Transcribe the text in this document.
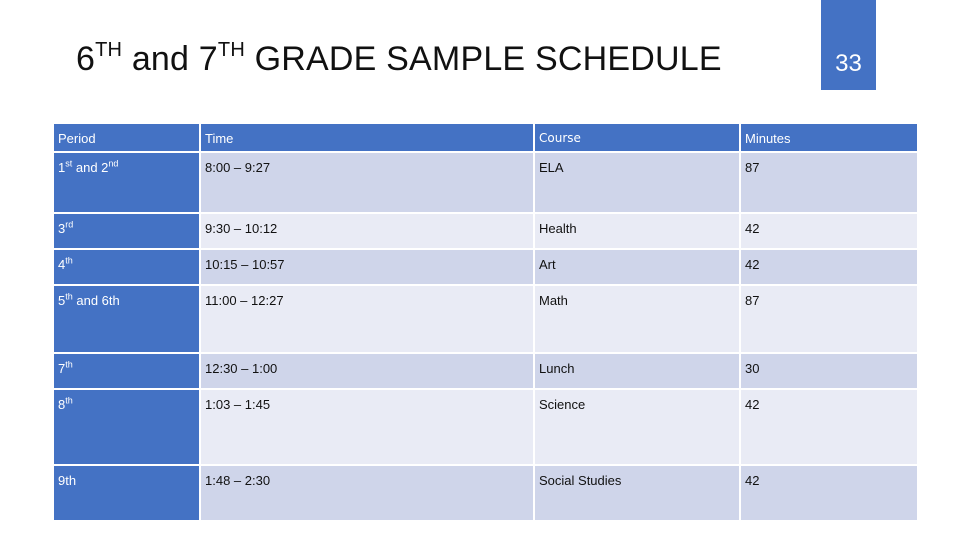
6TH and 7TH GRADE SAMPLE SCHEDULE	33
Period	Time	Course	Minutes
1st and 2nd	8:00 – 9:27	ELA	87
3rd	9:30 – 10:12	Health	42
4th	10:15 – 10:57	Art	42
5th and 6th	11:00 – 12:27	Math	87
7th	12:30 – 1:00	Lunch	30
8th	1:03 – 1:45	Science	42
9th	1:48 – 2:30	Social Studies	42
